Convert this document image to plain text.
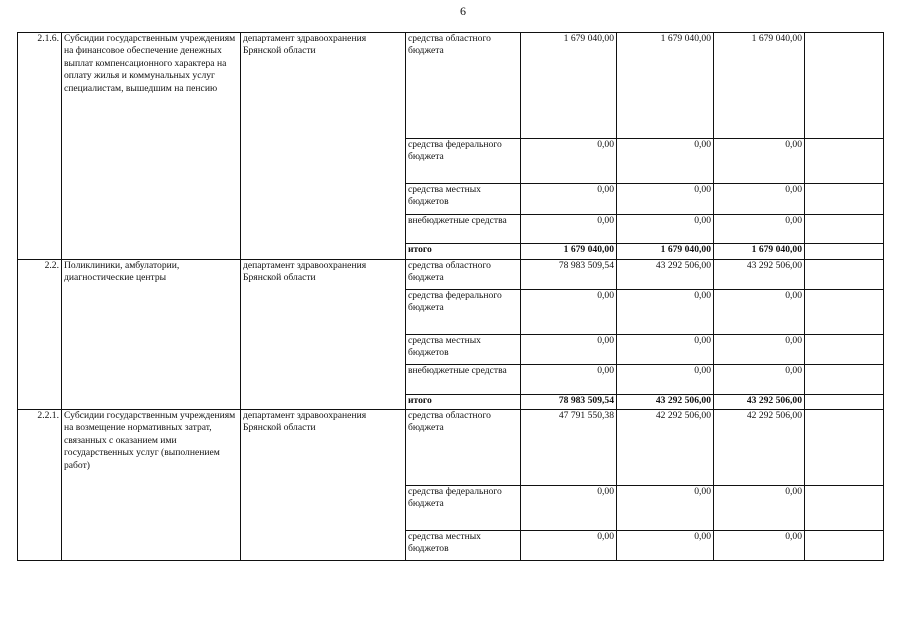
6
2.1.6.	Субсидии государственным учреждениям на финансовое обеспечение денежных выплат компенсационного характера на оплату жилья и коммунальных услуг специалистам, вышедшим на пенсию	департамент здравоохранения Брянской области	средства областного бюджета	1 679 040,00	1 679 040,00	1 679 040,00	
			средства федерального бюджета	0,00	0,00	0,00	
			средства местных бюджетов	0,00	0,00	0,00	
			внебюджетные средства	0,00	0,00	0,00	
			итого	1 679 040,00	1 679 040,00	1 679 040,00	
2.2.	Поликлиники, амбулатории, диагностические центры	департамент здравоохранения Брянской области	средства областного бюджета	78 983 509,54	43 292 506,00	43 292 506,00	
			средства федерального бюджета	0,00	0,00	0,00	
			средства местных бюджетов	0,00	0,00	0,00	
			внебюджетные средства	0,00	0,00	0,00	
			итого	78 983 509,54	43 292 506,00	43 292 506,00	
2.2.1.	Субсидии государственным учреждениям на возмещение нормативных затрат, связанных с оказанием ими государственных услуг (выполнением работ)	департамент здравоохранения Брянской области	средства областного бюджета	47 791 550,38	42 292 506,00	42 292 506,00	
			средства федерального бюджета	0,00	0,00	0,00	
			средства местных бюджетов	0,00	0,00	0,00	
